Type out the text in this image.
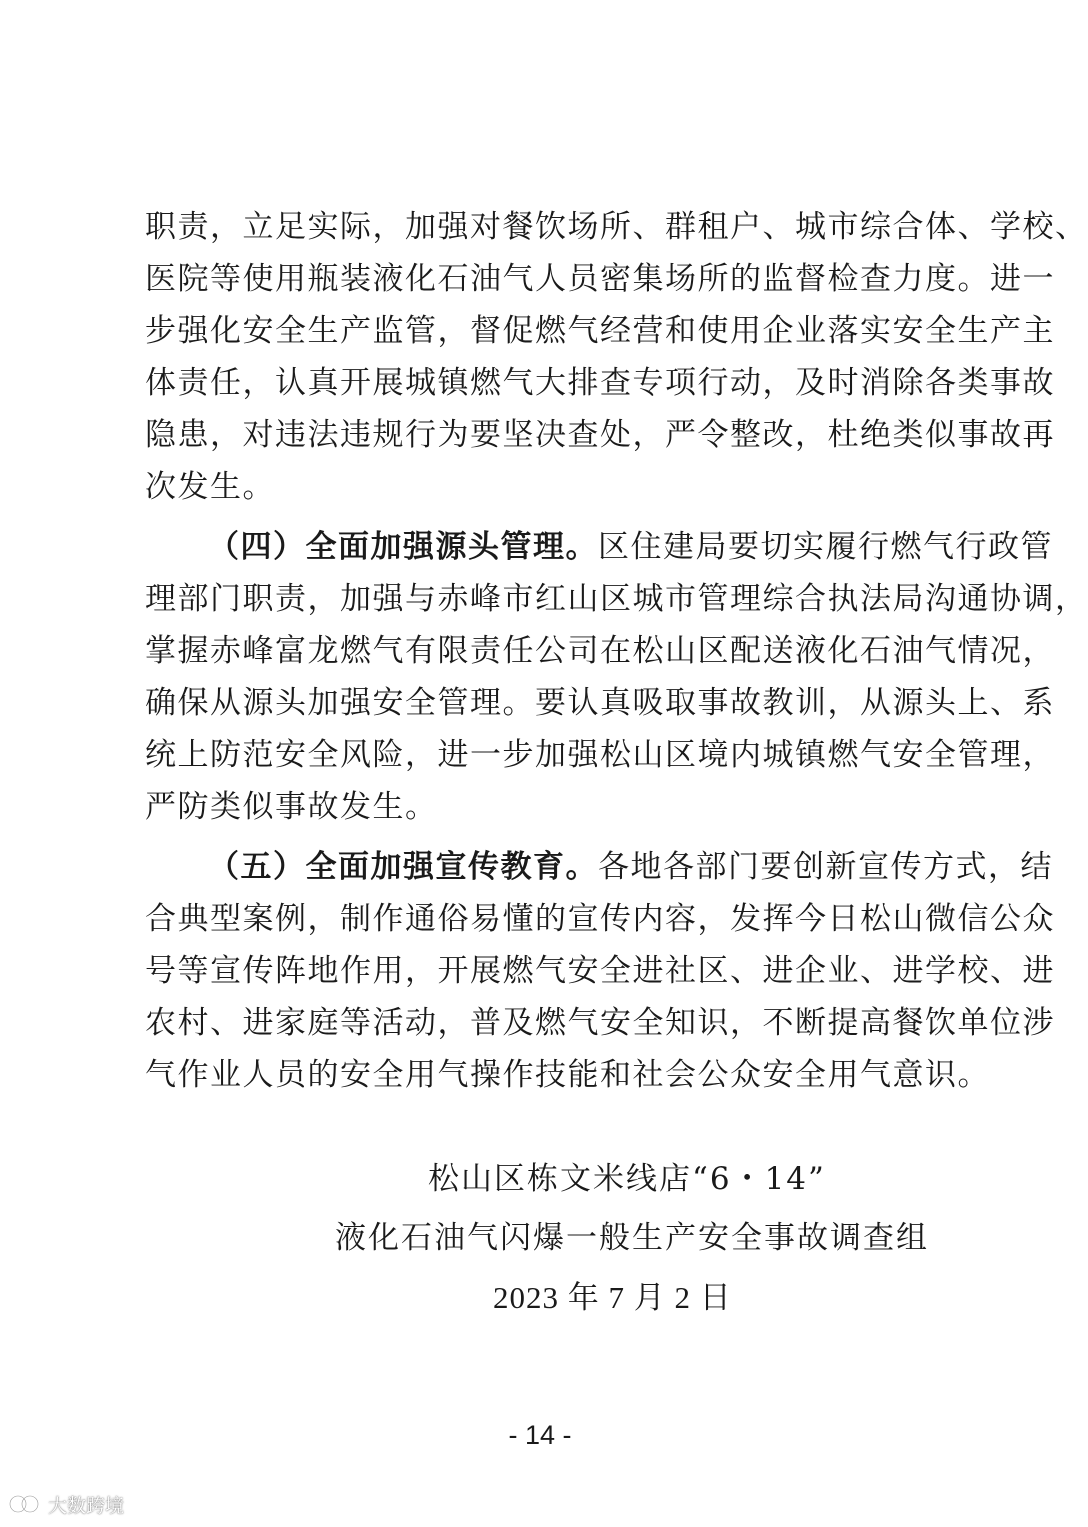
职 责 ， 立 足 实 际 ， 加 强 对 餐 饮 场 所 、 群 租 户 、 城 市 综 合 体 、 学 校 、
医 院 等 使 用 瓶 装 液 化 石 油 气 人 员 密 集 场 所 的 监 督 检 查 力 度 。 进 一
步 强 化 安 全 生 产 监 管 ， 督 促 燃 气 经 营 和 使 用 企 业 落 实 安 全 生 产 主
体 责 任 ， 认 真 开 展 城 镇 燃 气 大 排 查 专 项 行 动 ， 及 时 消 除 各 类 事 故
隐 患 ， 对 违 法 违 规 行 为 要 坚 决 查 处 ， 严 令 整 改 ， 杜 绝 类 似 事 故 再
次发生。
（四）全面加强源头管理。 区住建局要切实履行燃气行政管
理 部 门 职 责 ， 加 强 与 赤 峰 市 红 山 区 城 市 管 理 综 合 执 法 局 沟 通 协 调 ，
掌 握 赤 峰 富 龙 燃 气 有 限 责 任 公 司 在 松 山 区 配 送 液 化 石 油 气 情 况 ，
确 保 从 源 头 加 强 安 全 管 理 。 要 认 真 吸 取 事 故 教 训 ， 从 源 头 上 、 系
统 上 防 范 安 全 风 险 ， 进 一 步 加 强 松 山 区 境 内 城 镇 燃 气 安 全 管 理 ，
严防类似事故发生。
（五）全面加强宣传教育。 各地各部门要创新宣传方式，结
合 典 型 案 例 ， 制 作 通 俗 易 懂 的 宣 传 内 容 ， 发 挥 今 日 松 山 微 信 公 众
号 等 宣 传 阵 地 作 用 ， 开 展 燃 气 安 全 进 社 区 、 进 企 业 、 进 学 校 、 进
农 村 、 进 家 庭 等 活 动 ， 普 及 燃 气 安 全 知 识 ， 不 断 提 高 餐 饮 单 位 涉
气作业人员的安全用气操作技能和社会公众安全用气意识。
松山区栋文米线店“6・14”
液化石油气闪爆一般生产安全事故调查组
2023 年 7 月 2 日
- 14 -
大数跨境
